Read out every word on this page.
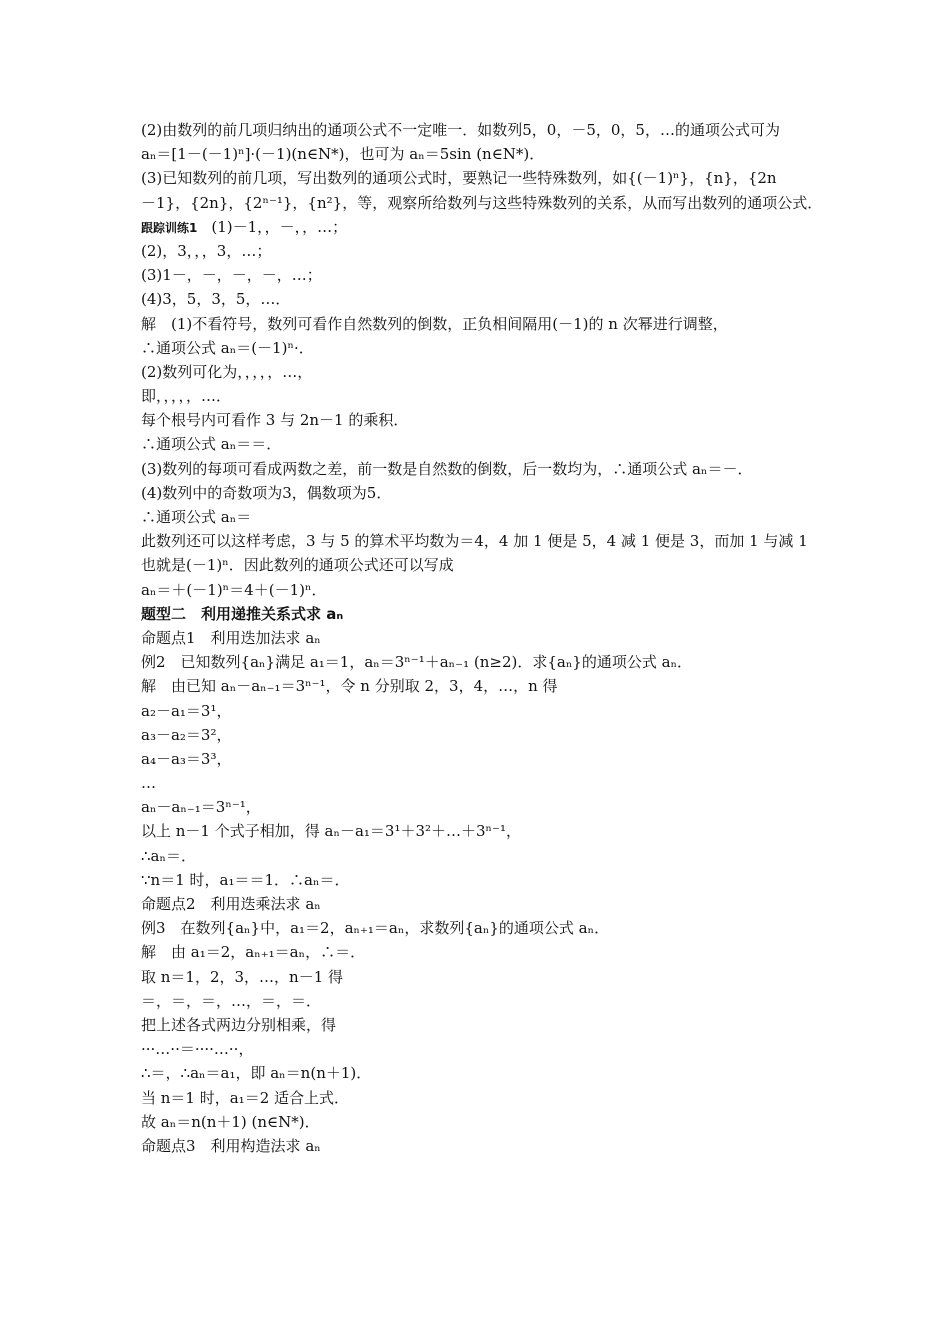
(2)由数列的前几项归纳出的通项公式不一定唯一．如数列5，0，－5，0，5，…的通项公式可为
aₙ＝[1－(－1)ⁿ]·(－1)(n∈N*)，也可为 aₙ＝5sin (n∈N*)．
(3)已知数列的前几项，写出数列的通项公式时，要熟记一些特殊数列，如{(－1)ⁿ}，{n}，{2n
－1}，{2n}，{2ⁿ⁻¹}，{n²}，等，观察所给数列与这些特殊数列的关系，从而写出数列的通项公式．
跟踪训练1 (1)－1，，－，，…；
(2)，3，，，3，…；
(3)1－，－，－，－，…；
(4)3，5，3，5，…．
解　(1)不看符号，数列可看作自然数列的倒数，正负相间隔用(－1)的 n 次幂进行调整，
∴通项公式 aₙ＝(－1)ⁿ·．
(2)数列可化为，，，，，…，
即，，，，，…．
每个根号内可看作 3 与 2n－1 的乘积．
∴通项公式 aₙ＝＝．
(3)数列的每项可看成两数之差，前一数是自然数的倒数，后一数均为，∴通项公式 aₙ＝－．
(4)数列中的奇数项为3，偶数项为5．
∴通项公式 aₙ＝
此数列还可以这样考虑，3 与 5 的算术平均数为＝4，4 加 1 便是 5，4 减 1 便是 3，而加 1 与减 1
也就是(－1)ⁿ．因此数列的通项公式还可以写成
aₙ＝＋(－1)ⁿ＝4＋(－1)ⁿ．
题型二　利用递推关系式求 aₙ
命题点1　利用迭加法求 aₙ
例2　已知数列{aₙ}满足 a₁＝1，aₙ＝3ⁿ⁻¹＋aₙ₋₁ (n≥2)．求{aₙ}的通项公式 aₙ．
解　由已知 aₙ－aₙ₋₁＝3ⁿ⁻¹，令 n 分别取 2，3，4，…，n 得
a₂－a₁＝3¹，
a₃－a₂＝3²，
a₄－a₃＝3³，
…
aₙ－aₙ₋₁＝3ⁿ⁻¹，
以上 n－1 个式子相加，得 aₙ－a₁＝3¹＋3²＋…＋3ⁿ⁻¹，
∴aₙ＝．
∵n＝1 时，a₁＝＝1．∴aₙ＝．
命题点2　利用迭乘法求 aₙ
例3　在数列{aₙ}中，a₁＝2，aₙ₊₁＝aₙ，求数列{aₙ}的通项公式 aₙ．
解　由 a₁＝2，aₙ₊₁＝aₙ，∴＝．
取 n＝1，2，3，…，n－1 得
＝，＝，＝，…，＝，＝．
把上述各式两边分别相乘，得
···…··＝····…··，
∴＝，∴aₙ＝a₁，即 aₙ＝n(n＋1)．
当 n＝1 时，a₁＝2 适合上式．
故 aₙ＝n(n＋1) (n∈N*)．
命题点3　利用构造法求 aₙ
